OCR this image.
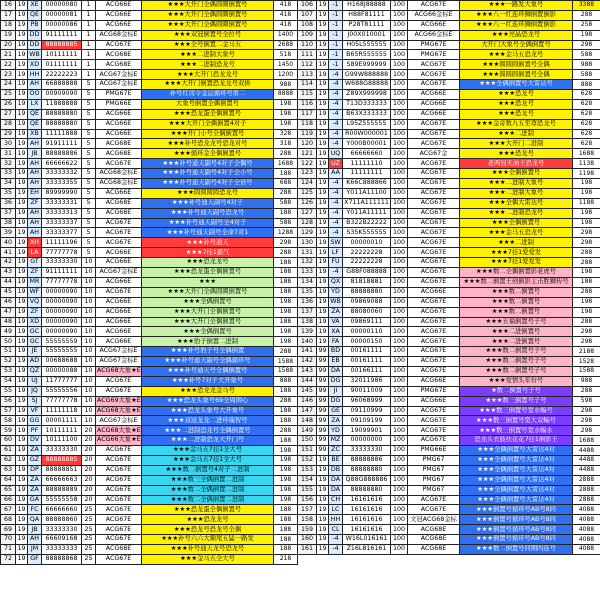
16	19	XE	00000080	1	ACG66E	★★★大开门全偶圆圈倒置号	418
17	19	QE	00000081	1	ACG66E	★★★大开门全偶圆圈倒置号	418
18	19	PB	00000086	1	ACG66E	★★★大开门全偶圆圈倒置号	418
19	19	DD	91111111	1	ACG68金标E	★★★双冠倒置号全拉号	1400
20	19	DD	88888885	1	ACG67E	★★★全号倒置二金马五	2688
21	19	WB	10111111	1	ACG68E	★★★二进制大象号	518
22	19	XD	01111111	1	ACG68E	★★★二进制恐龙号	1450
23	19	HH	22222223	1	ACG67金标E	★★★大开门恐龙龙号	1200
24	19	AH	66888888	5	ACG67金标E	★★★大开门倒置恐龙龙号双拼	988
25	19	OO	00909090	5	PMG67E	补号红司令金运循环号第二	8888
26	19	LX	11888888	5	PMG66E	大象号倒置全偶倒置号	198
27	19	QE	88888880	5	ACG66E	★★★恐龙蛋全偶倒置号	198
28	19	QE	88888880	5	ACG66E	★★★大开门全偶倒置4对子	198
29	19	XB	11111888	5	ACG66E	★★★开门小号全偶倒置号	328
30	19	AH	91911111	5	ACG68E	★★★补号恐龙龙号恐龙对号	318
31	19	JB	88888886	5	ACG68E	★★★循环金全偶倒置号	288
32	19	AH	66666622	5	ACG67E	★★★补号通天副号4对子全偶号	1688
33	19	AH	33333332	5	ACG68金标E	★★★补号通天副号4对子全小号	188
34	19	AH	33333355	5	ACG68金标E	★★★补号通天副号4对子全倍号	688
35	19	EH	89999990	5	ACG66E	★★★圆圆圆圆恐龙号	288
36	19	ZF	33333331	5	ACG68E	★★★补号通天副号4对子	588
37	19	AH	33333313	5	ACG68E	★★★补号通天副号恐龙号	188
38	19	AH	33333337	5	ACG67E	★★★补号通天副号全4对子	588
39	19	AH	33333377	5	ACG67E	★★★补号通天副号全命7对1	1288
40	19	XH	11111196	5	ACG67E	★★★补号通天	298
41	19	LA	77777778	5	ACG66E	★★★7挂1霸气	288
42	19	GT	33333330	10	ACG66E	★★★恐龙龙号	188
43	19	ZF	91111111	10	ACG67金标E	★★★恐龙蛋全偶倒置号	188
44	19	MR	77777778	10	ACG66E	★★★	188
45	19	WF	00000090	10	ACG67E	★★★大开门全偶圆圈倒置号	188
46	19	VQ	00000090	10	ACG66E	★★★全偶倒置号	198
47	19	ZF	00000090	10	ACG66E	★★★大开门全偶倒置号	198
48	19	XD	00000090	10	ACG66E	★★★大开门全偶倒置号	188
49	19	GC	00000090	10	ACG66E	★★★全偶倒置号	198
50	19	GC	55555559	10	ACG66E	★★★豹子倒置二进制	198
51	19	JE	55555555	10	ACG67金标E	★★★补号豹子号全偶倒置	288
52	19	AD	00688688	10	ACG67金标E	★★★补号通天副号全偶循环号	1588
53	19	QZ	00000088	10	ACG68大象★E	★★★补号通天号全偶倒置号	1588
54	19	UJ	11777777	10	ACG67E	★★★补号7对子大开象号	888
55	19	JQ	55555556	10	ACG67E	★★★恐龙龙金马号	188
56	19	SJ	77777778	10	ACG69大象★E	★★★恐龙头象号69全周围心	288
57	19	VF	11111118	10	ACG68大象★E	★★★恐龙头象号大开象号	188
58	19	GG	00001111	10	ACG67金标E	★★★双冠龙龙二进环瑞智号	188
59	19	PF	10111111	20	ACG68大象★E	★★★二进制恐龙号全偶倒置号	288
60	19	DV	10111100	20	ACG66大象★E	★★★二进制恐龙大开门号	188
61	19	ZA	33333330	20	ACG67E	★★★金马五7挂1全大号	198
62	19	GZ	88888885	20	ACG67E	★★★金马五7挂1全大号	198
63	19	DP	88888851	20	ACG67E	★★★数二倒置号4对子二进制	198
64	19	ZA	66666663	20	ACG67E	★★★数三全偶倒置二进制	198
65	19	ZA	88888889	20	ACG67E	★★★数二全偶倒置二进制	198
66	19	GA	55555558	20	ACG67E	★★★数二全偶倒置二进制	198
67	19	FC	66666660	25	ACG67E	★★★恐龙蛋全偶倒置号	188
68	19	QA	88888860	25	ACG67E	★★★恐龙龙号	188
69	19	JB	33333330	25	ACG67E	★★★恐龙号恐龙号全偶	188
70	19	AH	66609168	25	ACG67E	★★★补号六六大顺尾五猛一路发	188
71	19	JM	33333333	25	ACG68E	★★★补号通天龙号恐龙号	188
72	19	GF	88888868	25	ACG67E	★★★金马五全大号	218
106	19	-1	H168J88888	100	ACG67E	★★★一路发大象号	3388
107	19	-1	H88F81111	100	ACG66金标E	★★★八一红连环狮倒置倒影	288
108	19	-1	P28T81111	100	ACG66E	★★★八一红连环狮倒置倒影	258
109	19	-1	J00X010001	100	ACG66金标E	★★★亮晶恐龙号	198
110	19	-1	H05L555555	100	PMG67E	大开门大象号全偶倒置号	298
111	19	-1	B65R555555	100	PMG67E	★★★金马五恐龙号	588
112	19	-1	S89E999999	100	ACG67E	★★★圆圆圆倒置号全偶	988
113	19	-4	G99W888888	100	ACG67E	★★★圆圆圆倒置号全偶	588
114	19	-4	W688G88888	100	ACG67E	★★★全偶倒置号大雷达号	888
115	19	-4	Z89X999998	100	ACG66E	★★★恐龙号	628
116	19	-4	T13D333333	100	ACG66E	★★★恐龙号	628
117	19	-4	B63X333333	100	ACG66E	★★★恐龙号	628
118	19	-4	L95Z555555	100	ACG67E	★★★金奇数九五至尊恐龙号	628
119	19	-4	R00W000001	100	ACG67E	★★★二进制	628
120	19	-4	Y000B00001	100	ACG67E	★★★大开门二进制	628
121	19	UQ	66666660	100	ACG67金	★★★恐龙号	1688
122	19	UZ	11111110	100	ACG67E	老两冠无油王恐龙号	1138
123	19	AA	11111111	100	ACG67E	★★★全偶倒置号	1198
124	19	-4	K66C888866	100	ACG67E	★★★二进制大象号	198
125	19	-4	Y011A11100	100	ACG67E	★★★二进制大象号	198
126	19	-4	X711A111111	100	ACG67E	★★★全偶大雷达号	1188
127	19	-4	Y011A11111	100	ACG67E	★★★二进制恐龙号	198
128	19	-4	B322B22222	100	ACG67E	★★★全偶倒置号	198
129	19	-4	S35K555555	100	ACG67E	★★★金马五恐龙号	298
130	19	SW	00000010	100	ACG67E	★★★二进制	298
131	19	LF	22222228	100	ACG67E	★★★7挂1爱爱发	288
132	19	FU	22222228	100	ACG67E	★★★7挂1爱爱发	288
133	19	-4	G88F088888	100	ACG67E	★★★数二全偶倒置影老虎号	198
134	19	QX	81818881	100	ACG67E	★★★数二倒置王创倒影主击胜狮传号	188
135	19	YD	88888880	100	ACG66E	★★★数二倒置号	288
136	19	WB	09869088	100	ACG67E	★★★数二倒置号	198
137	19	ZA	88080060	100	ACG67E	★★★数二倒置号	198
138	19	VA	09869111	100	ACG67E	★★★五福倒置号子号	288
139	19	XA	00000110	100	ACG67E	★★★二进倒置号	298
140	19	FA	00000150	100	ACG67E	★★★二进倒置号	298
141	99	BD	00161111	100	ACG67E	★★★数二倒置号子号	2188
142	99	EB	00161111	100	ACG67E	★★★数二倒置号子号	1528
143	99	DA	00166111	100	ACG67E	★★★数二倒置号子号	1588
144	99	DG	32011986	100	ACG66E	★★★爱情头年份号	988
145	99	JI	90011009	100	PMG67E	★数二倒置号子号	288
146	99	DG	96068999	100	ACG66E	★★★数三倒置号子号	598
147	99	GE	09110999	100	ACG67E	★★★数三倒置号宽水幅号	298
148	99	ZA	09109199	100	ACG67E	★★★数三倒置号宽大双幅号	298
149	99	YD	19099901	100	ACG67E	★★★数三倒置号宽水幅水	298
150	99	MZ	00000000	100	ACG67E	恐龙头衣鼓扶花花7挂1倒影王	1688
151	99	ZC	33333330	100	PMG66E	★★★全偶倒置号大雷达4对	4488
152	19	BE	88888886	100	PMG67	★★★全偶倒置号大雷达4对	4488
153	19	DB	88888880	100	PMG67	★★★全偶倒置号大雷达4对	4488
154	19	DA	Q88G888886	100	PMG67	★★★全偶倒置号大雷达4对	2888
155	19	DA	88888880	100	PMG67	★★★全偶倒置号大雷达4对	2888
156	19	CH	16161616	100	ACG67E	★★★全偶倒置号大雷达4对	2888
157	19	LC	16161616	100	ACG67E	★★★倒置号循环号AB号8同	4088
158	19	HH	16161616	100	文冠ACG68金标	★★★倒置号循环号AB号8同	4088
159	19	CL	16161616	100	ACG68E	★★★倒置号循环号AB号8同	4088
160	19	-4	W16L016161	100	ACG68E	★★★倒置号循环号AB号8同	4088
161	19	-4	Z16L816161	100	ACG68E	★★★数二倒置号同期四连号	4088
